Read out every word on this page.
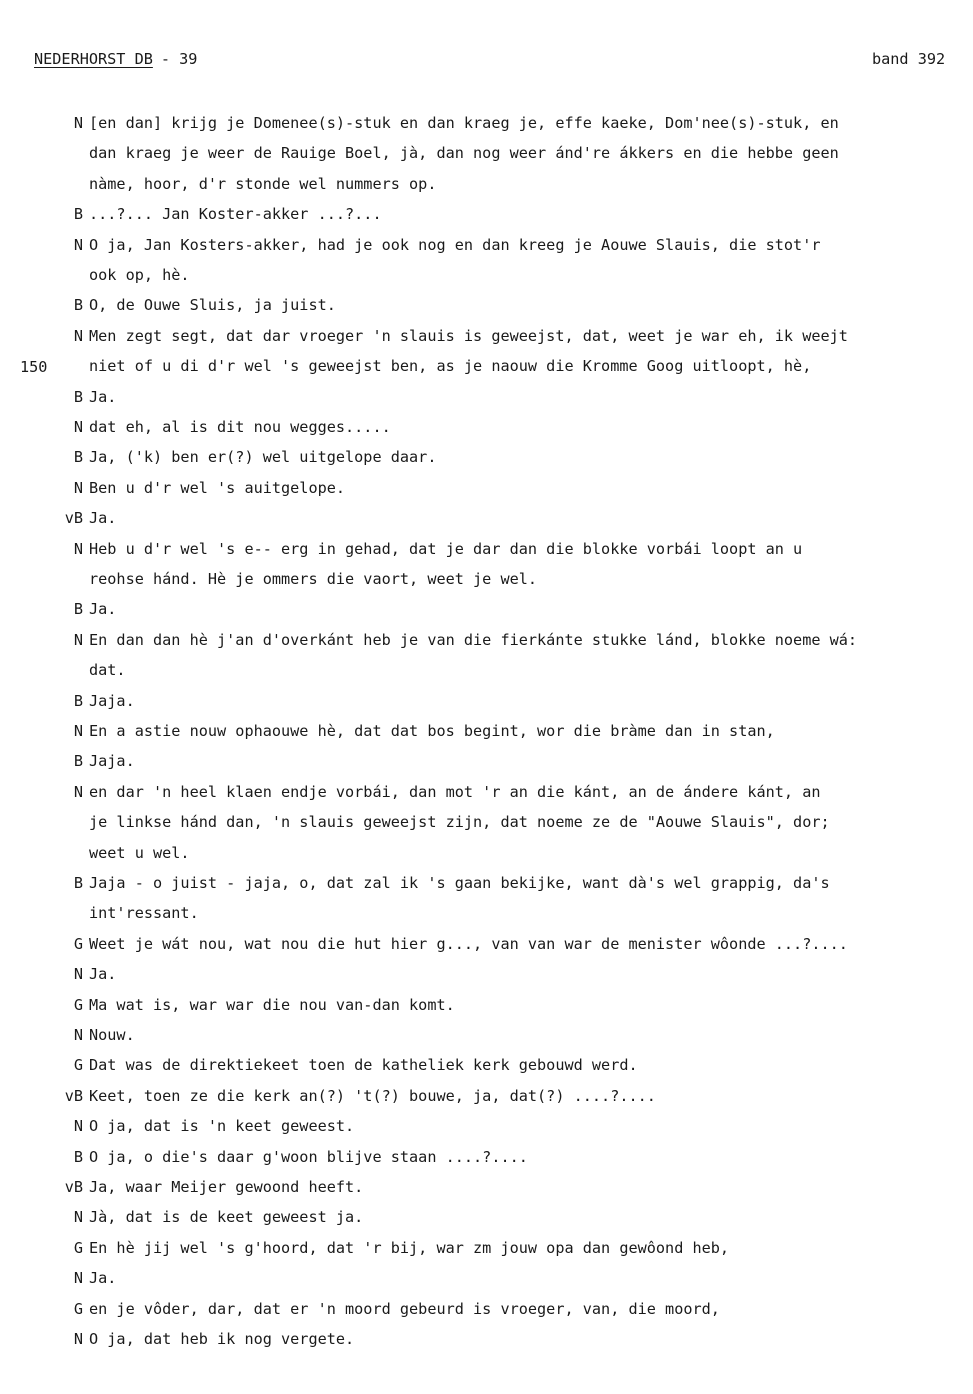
NEDERHORST DB - 39	band 392
150
N [en dan] krijg je Domenee(s)-stuk en dan kraeg je, effe kaeke, Dom'nee(s)-stuk, en
dan kraeg je weer de Rauige Boel, jà, dan nog weer ánd're ákkers en die hebbe geen
nàme, hoor, d'r stonde wel nummers op.
B ...?... Jan Koster-akker ...?...
N O ja, Jan Kosters-akker, had je ook nog en dan kreeg je Aouwe Slauis, die stot'r
ook op, hè.
B O, de Ouwe Sluis, ja juist.
N Men zegt segt, dat dar vroeger 'n slauis is geweejst, dat, weet je war eh, ik weejt
niet of u di d'r wel 's geweejst ben, as je naouw die Kromme Goog uitloopt, hè,
B Ja.
N dat eh, al is dit nou wegges.....
B Ja, ('k) ben er(?) wel uitgelope daar.
N Ben u d'r wel 's auitgelope.
vB Ja.
N Heb u d'r wel 's e-- erg in gehad, dat je dar dan die blokke vorbái loopt an u
reohse hánd. Hè je ommers die vaort, weet je wel.
B Ja.
N En dan dan hè j'an d'overkánt heb je van die fierkánte stukke lánd, blokke noeme wá:
dat.
B Jaja.
N En a astie nouw ophaouwe hè, dat dat bos begint, wor die bràme dan in stan,
B Jaja.
N en dar 'n heel klaen endje vorbái, dan mot 'r an die kánt, an de ándere kánt, an
je linkse hánd dan, 'n slauis geweejst zijn, dat noeme ze de "Aouwe Slauis", dor;
weet u wel.
B Jaja - o juist - jaja, o, dat zal ik 's gaan bekijke, want dà's wel grappig, da's
int'ressant.
G Weet je wát nou, wat nou die hut hier g..., van van war de menister wôonde ...?....
N Ja.
G Ma wat is, war war die nou van-dan komt.
N Nouw.
G Dat was de direktiekeet toen de katheliek kerk gebouwd werd.
vB Keet, toen ze die kerk an(?) 't(?) bouwe, ja, dat(?) ....?....
N O ja, dat is 'n keet geweest.
B O ja, o die's daar g'woon blijve staan ....?....
vB Ja, waar Meijer gewoond heeft.
N Jà, dat is de keet geweest ja.
G En hè jij wel 's g'hoord, dat 'r bij, war zm jouw opa dan gewôond heb,
N Ja.
G en je vôder, dar, dat er 'n moord gebeurd is vroeger, van, die moord,
N O ja, dat heb ik nog vergete.
